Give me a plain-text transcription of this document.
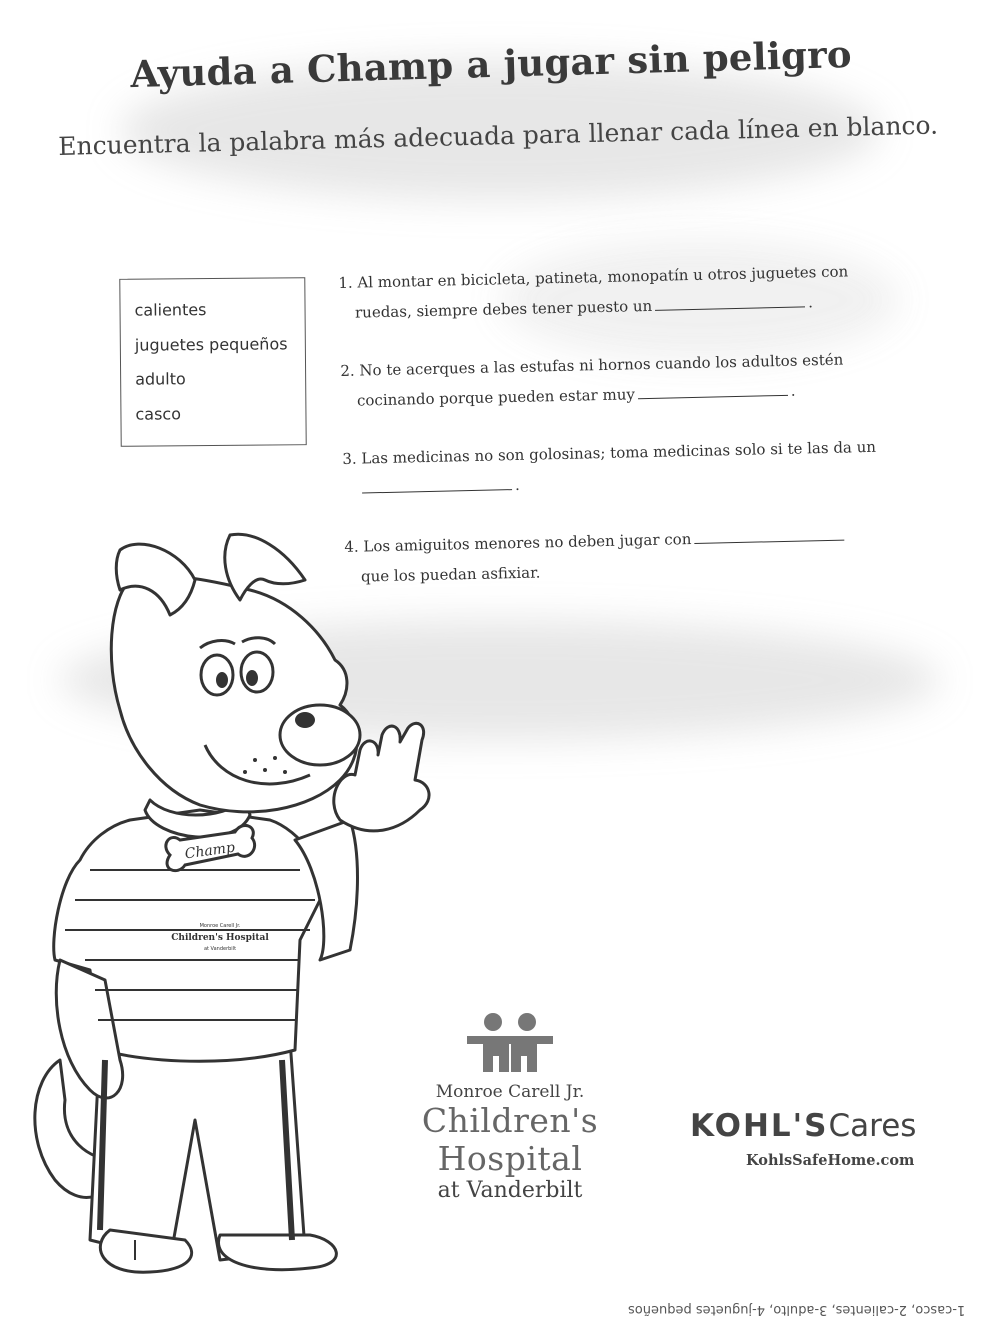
Ayuda a Champ a jugar sin peligro
Encuentra la palabra más adecuada para llenar cada línea en blanco.
calientes
juguetes pequeños
adulto
casco
1. Al montar en bicicleta, patineta, monopatín u otros juguetes con
ruedas, siempre debes tener puesto un	.
2. No te acerques a las estufas ni hornos cuando los adultos estén
cocinando porque pueden estar muy	.
3. Las medicinas no son golosinas; toma medicinas solo si te las da un
.
4. Los amiguitos menores no deben jugar con
que los puedan asfixiar.
Champ
Monroe Carell Jr.
Children's Hospital
at Vanderbilt
Monroe Carell Jr.
Children's Hospital
at Vanderbilt
KOHL'SCares
KohlsSafeHome.com
1-casco, 2-calientes, 3-adulto, 4-juguetes pequeños
